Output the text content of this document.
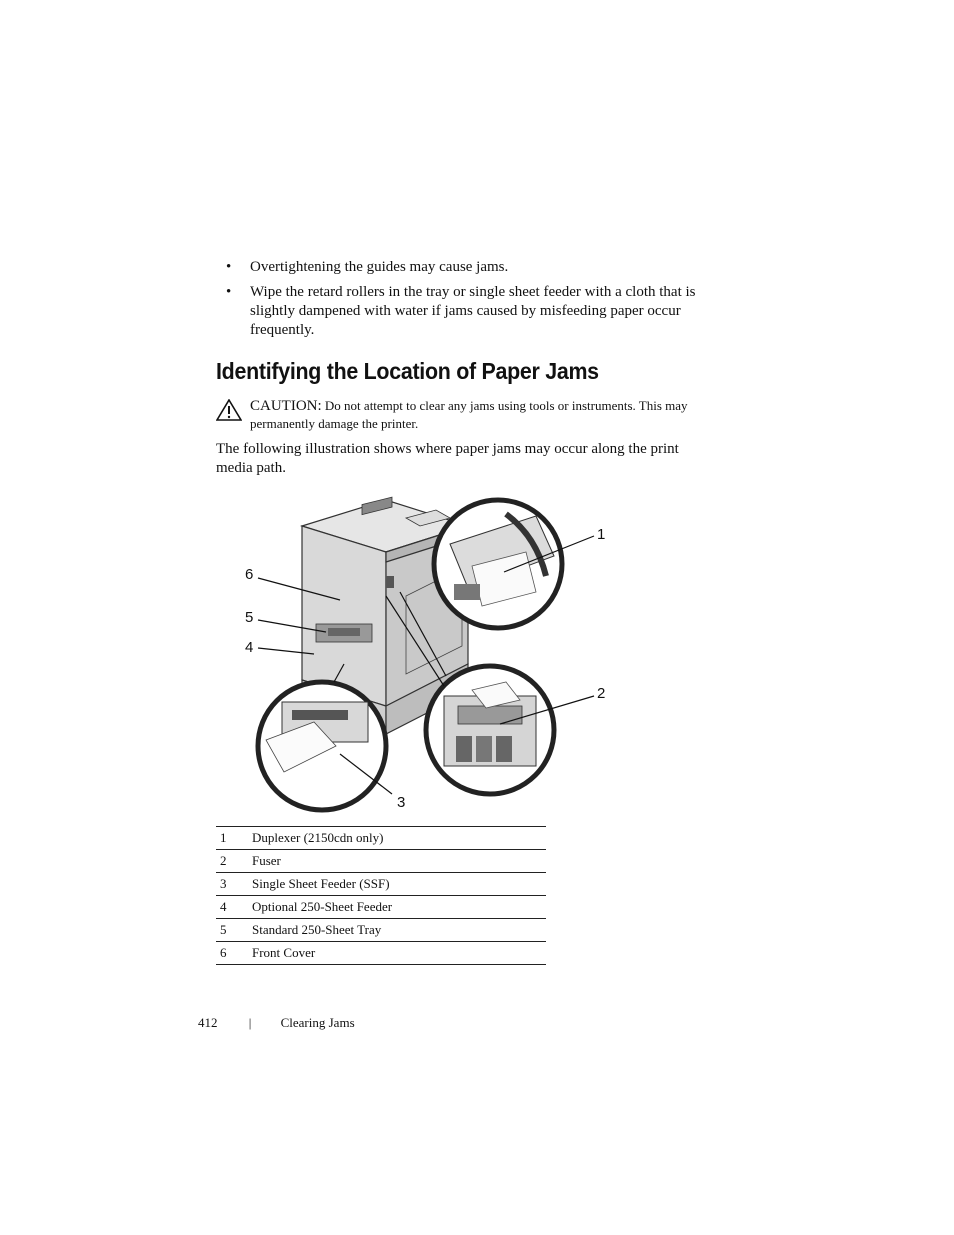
• Overtightening the guides may cause jams.
• Wipe the retard rollers in the tray or single sheet feeder with a cloth that is slightly dampened with water if jams caused by misfeeding paper occur frequently.
Identifying the Location of Paper Jams
CAUTION: Do not attempt to clear any jams using tools or instruments. This may permanently damage the printer.
The following illustration shows where paper jams may occur along the print media path.
1
2
3
4
5
6
1	Duplexer (2150cdn only)
2	Fuser
3	Single Sheet Feeder (SSF)
4	Optional 250-Sheet Feeder
5	Standard 250-Sheet Tray
6	Front Cover
412 | Clearing Jams
